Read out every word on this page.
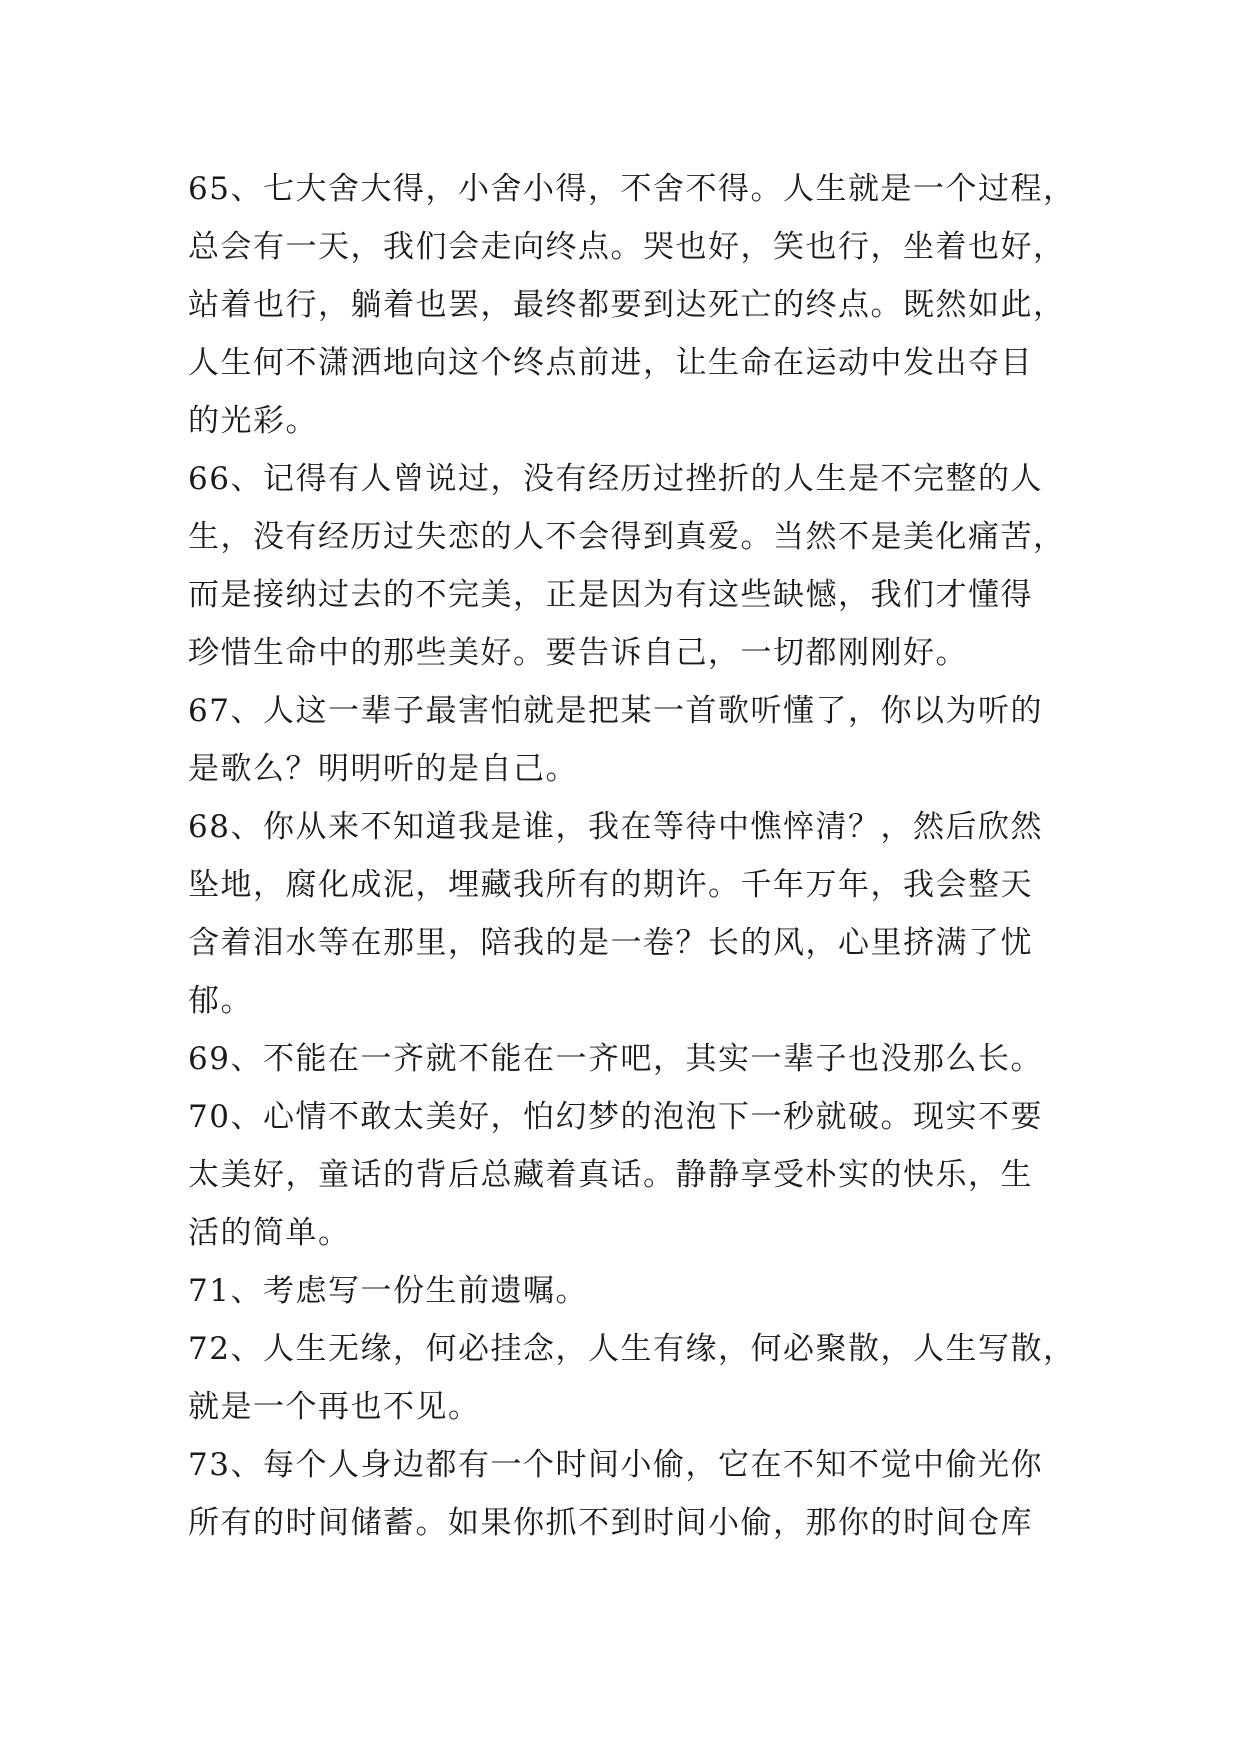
65、七大舍大得，小舍小得，不舍不得。人生就是一个过程，
总会有一天，我们会走向终点。哭也好，笑也行，坐着也好，
站着也行，躺着也罢，最终都要到达死亡的终点。既然如此，
人生何不潇洒地向这个终点前进，让生命在运动中发出夺目
的光彩。
66、记得有人曾说过，没有经历过挫折的人生是不完整的人
生，没有经历过失恋的人不会得到真爱。当然不是美化痛苦，
而是接纳过去的不完美，正是因为有这些缺憾，我们才懂得
珍惜生命中的那些美好。要告诉自己，一切都刚刚好。
67、人这一辈子最害怕就是把某一首歌听懂了，你以为听的
是歌么？明明听的是自己。
68、你从来不知道我是谁，我在等待中憔悴清？，然后欣然
坠地，腐化成泥，埋藏我所有的期许。千年万年，我会整天
含着泪水等在那里，陪我的是一卷？长的风，心里挤满了忧
郁。
69、不能在一齐就不能在一齐吧，其实一辈子也没那么长。
70、心情不敢太美好，怕幻梦的泡泡下一秒就破。现实不要
太美好，童话的背后总藏着真话。静静享受朴实的快乐，生
活的简单。
71、考虑写一份生前遗嘱。
72、人生无缘，何必挂念，人生有缘，何必聚散，人生写散，
就是一个再也不见。
73、每个人身边都有一个时间小偷，它在不知不觉中偷光你
所有的时间储蓄。如果你抓不到时间小偷，那你的时间仓库
